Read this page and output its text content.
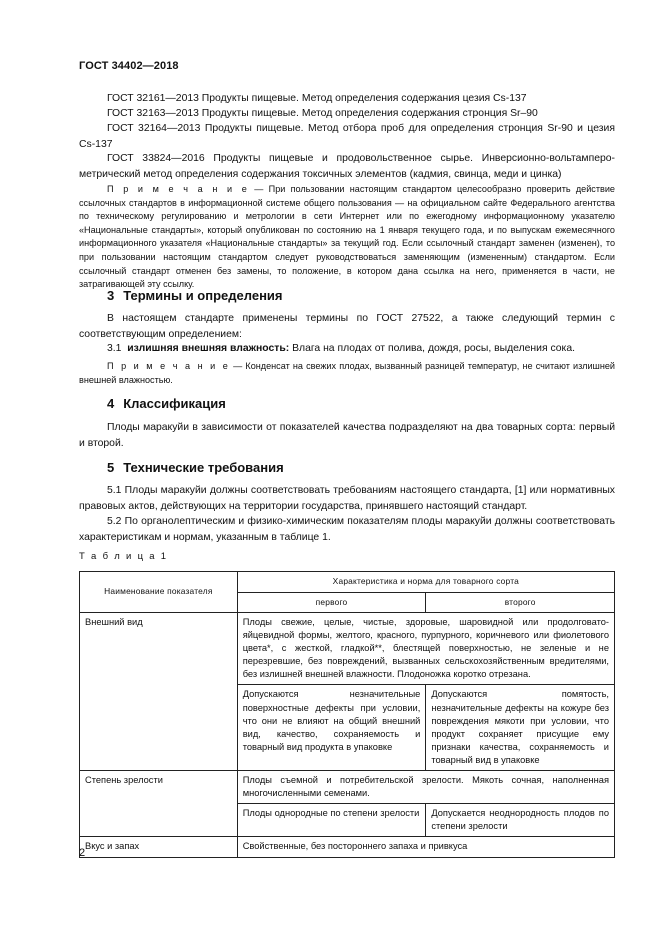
ГОСТ 34402—2018

ГОСТ 32161—2013 Продукты пищевые. Метод определения содержания цезия Cs-137

ГОСТ 32163—2013 Продукты пищевые. Метод определения содержания стронция Sr–90

ГОСТ 32164—2013 Продукты пищевые. Метод отбора проб для определения стронция Sr-90 и цезия Cs-137

ГОСТ 33824—2016 Продукты пищевые и продовольственное сырье. Инверсионно-вольтампеpо-метрический метод определения содержания токсичных элементов (кадмия, свинца, меди и цинка)

П р и м е ч а н и е — При пользовании настоящим стандартом целесообразно проверить действие ссылочных стандартов в информационной системе общего пользования — на официальном сайте Федерального агентства по техническому регулированию и метрологии в сети Интернет или по ежегодному информационному указателю «Национальные стандарты», который опубликован по состоянию на 1 января текущего года, и по выпускам ежемесячного информационного указателя «Национальные стандарты» за текущий год. Если ссылочный стандарт заменен (изменен), то при пользовании настоящим стандартом следует руководствоваться заменяющим (измененным) стандартом. Если ссылочный стандарт отменен без замены, то положение, в котором дана ссылка на него, применяется в части, не затрагивающей эту ссылку.

3 Термины и определения

В настоящем стандарте применены термины по ГОСТ 27522, а также следующий термин с соответствующим определением:

3.1 излишняя внешняя влажность: Влага на плодах от полива, дождя, росы, выделения сока.

П р и м е ч а н и е — Конденсат на свежих плодах, вызванный разницей температур, не считают излишней внешней влажностью.

4 Классификация

Плоды маракуйи в зависимости от показателей качества подразделяют на два товарных сорта: первый и второй.

5 Технические требования

5.1 Плоды маракуйи должны соответствовать требованиям настоящего стандарта, [1] или нормативных правовых актов, действующих на территории государства, принявшего настоящий стандарт.

5.2 По органолептическим и физико-химическим показателям плоды маракуйи должны соответствовать характеристикам и нормам, указанным в таблице 1.

Т а б л и ц а 1
Наименование показателя	Характеристика и норма для товарного сорта	
	первого	второго
Внешний вид	Плоды свежие, целые, чистые, здоровые, шаровидной или продолговато-яйцевидной формы, желтого, красного, пурпурного, коричневого или фиолетового цвета*, с жесткой, гладкой**, блестящей поверхностью, не зеленые и не перезревшие, без повреждений, вызванных сельскохозяйственным вредителями, без излишней внешней влажности. Плодоножка коротко отрезана.	
	Допускаются незначительные поверхностные дефекты при условии, что они не влияют на общий внешний вид, качество, сохраняемость и товарный вид продукта в упаковке	Допускаются помятость, незначительные дефекты на кожуре без повреждения мякоти при условии, что продукт сохраняет присущие ему признаки качества, сохраняемость и товарный вид в упаковке
Степень зрелости	Плоды съемной и потребительской зрелости. Мякоть сочная, наполненная многочисленными семенами.	
	Плоды однородные по степени зрелости	Допускается неоднородность плодов по степени зрелости
Вкус и запах	Свойственные, без постороннего запаха и привкуса	
2
